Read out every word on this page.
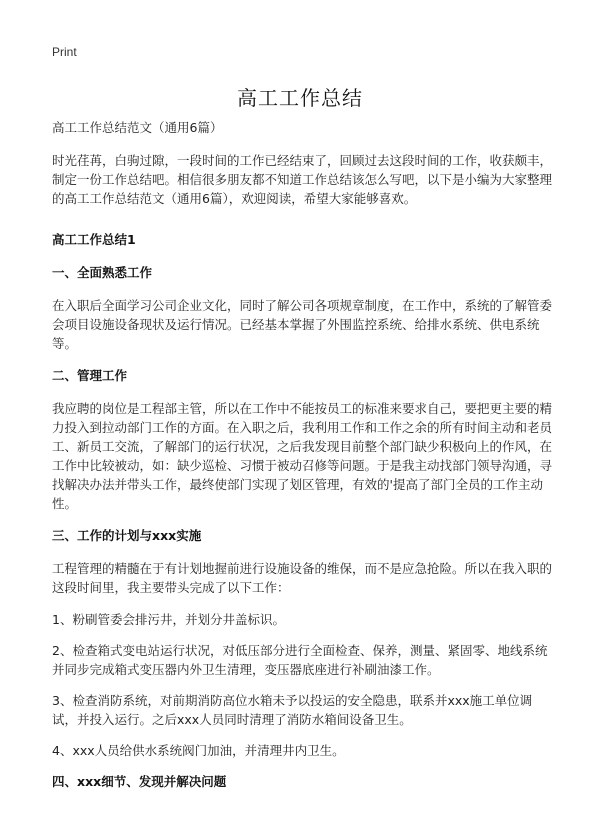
Print
高工工作总结

高工工作总结范文（通用6篇）

时光荏苒，白驹过隙，一段时间的工作已经结束了，回顾过去这段时间的工作，收获颇丰，制定一份工作总结吧。相信很多朋友都不知道工作总结该怎么写吧，以下是小编为大家整理的高工工作总结范文（通用6篇），欢迎阅读，希望大家能够喜欢。

高工工作总结1

一、全面熟悉工作

在入职后全面学习公司企业文化，同时了解公司各项规章制度，在工作中，系统的了解管委会项目设施设备现状及运行情况。已经基本掌握了外围监控系统、给排水系统、供电系统等。

二、管理工作

我应聘的岗位是工程部主管，所以在工作中不能按员工的标准来要求自己，要把更主要的精力投入到拉动部门工作的方面。在入职之后，我利用工作和工作之余的所有时间主动和老员工、新员工交流，了解部门的运行状况，之后我发现目前整个部门缺少积极向上的作风，在工作中比较被动，如：缺少巡检、习惯于被动召修等问题。于是我主动找部门领导沟通，寻找解决办法并带头工作，最终使部门实现了划区管理，有效的'提高了部门全员的工作主动性。

三、工作的计划与xxx实施

工程管理的精髓在于有计划地握前进行设施设备的维保，而不是应急抢险。所以在我入职的这段时间里，我主要带头完成了以下工作：

1、粉刷管委会排污井，并划分井盖标识。

2、检查箱式变电站运行状况，对低压部分进行全面检查、保养，测量、紧固零、地线系统并同步完成箱式变压器内外卫生清理，变压器底座进行补刷油漆工作。

3、检查消防系统，对前期消防高位水箱未予以投运的安全隐患，联系并xxx施工单位调试，并投入运行。之后xxx人员同时清理了消防水箱间设备卫生。

4、xxx人员给供水系统阀门加油，并清理井内卫生。

四、xxx细节、发现并解决问题
